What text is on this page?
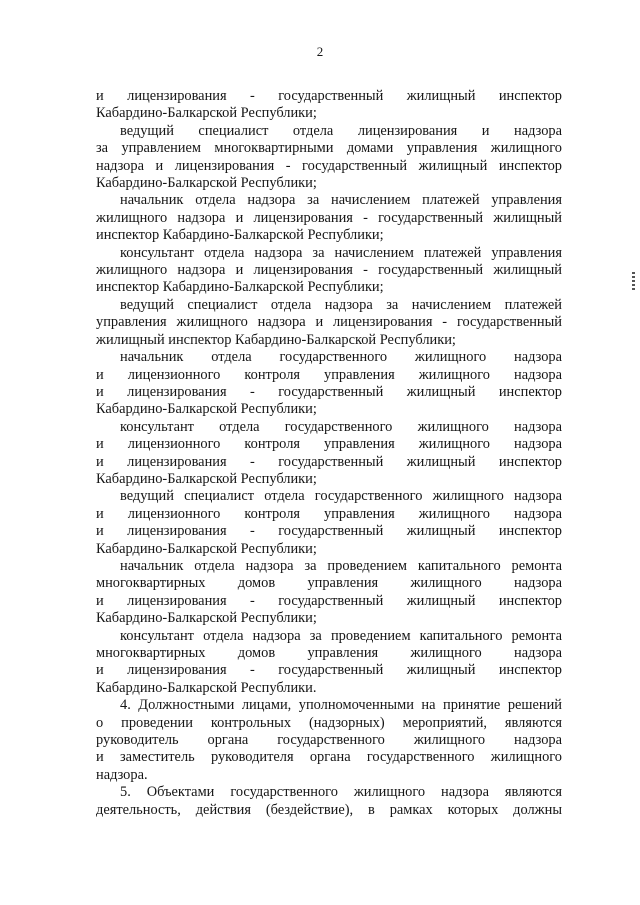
2

и лицензирования - государственный жилищный инспектор
Кабардино-Балкарской Республики;

ведущий специалист отдела лицензирования и надзора
за управлением многоквартирными домами управления жилищного
надзора и лицензирования - государственный жилищный инспектор
Кабардино-Балкарской Республики;

начальник отдела надзора за начислением платежей управления
жилищного надзора и лицензирования - государственный жилищный
инспектор Кабардино-Балкарской Республики;

консультант отдела надзора за начислением платежей управления
жилищного надзора и лицензирования - государственный жилищный
инспектор Кабардино-Балкарской Республики;

ведущий специалист отдела надзора за начислением платежей
управления жилищного надзора и лицензирования - государственный
жилищный инспектор Кабардино-Балкарской Республики;

начальник отдела государственного жилищного надзора
и лицензионного контроля управления жилищного надзора
и лицензирования - государственный жилищный инспектор
Кабардино-Балкарской Республики;

консультант отдела государственного жилищного надзора
и лицензионного контроля управления жилищного надзора
и лицензирования - государственный жилищный инспектор
Кабардино-Балкарской Республики;

ведущий специалист отдела государственного жилищного надзора
и лицензионного контроля управления жилищного надзора
и лицензирования - государственный жилищный инспектор
Кабардино-Балкарской Республики;

начальник отдела надзора за проведением капитального ремонта
многоквартирных домов управления жилищного надзора
и лицензирования - государственный жилищный инспектор
Кабардино-Балкарской Республики;

консультант отдела надзора за проведением капитального ремонта
многоквартирных домов управления жилищного надзора
и лицензирования - государственный жилищный инспектор
Кабардино-Балкарской Республики.

4. Должностными лицами, уполномоченными на принятие решений
о проведении контрольных (надзорных) мероприятий, являются
руководитель органа государственного жилищного надзора
и заместитель руководителя органа государственного жилищного
надзора.

5. Объектами государственного жилищного надзора являются
деятельность, действия (бездействие), в рамках которых должны
